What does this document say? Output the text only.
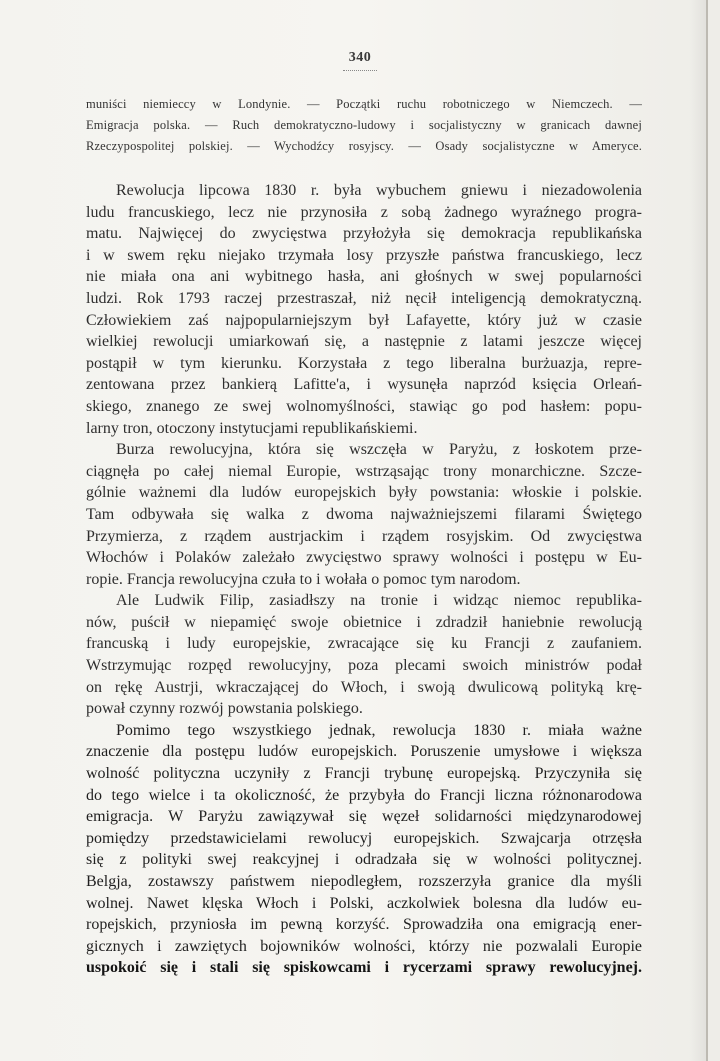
340
muniści niemieccy w Londynie. — Początki ruchu robotniczego w Niemczech. —
Emigracja polska. — Ruch demokratyczno-ludowy i socjalistyczny w granicach dawnej
Rzeczypospolitej polskiej. — Wychodźcy rosyjscy. — Osady socjalistyczne w Ameryce.
Rewolucja lipcowa 1830 r. była wybuchem gniewu i niezadowolenia
ludu francuskiego, lecz nie przynosiła z sobą żadnego wyraźnego progra-
matu. Najwięcej do zwycięstwa przyłożyła się demokracja republikańska
i w swem ręku niejako trzymała losy przyszłe państwa francuskiego, lecz
nie miała ona ani wybitnego hasła, ani głośnych w swej popularności
ludzi. Rok 1793 raczej przestraszał, niż nęcił inteligencją demokratyczną.
Człowiekiem zaś najpopularniejszym był Lafayette, który już w czasie
wielkiej rewolucji umiarkowań się, a następnie z latami jeszcze więcej
postąpił w tym kierunku. Korzystała z tego liberalna burżuazja, repre-
zentowana przez bankierą Lafitte'a, i wysunęła naprzód księcia Orleań-
skiego, znanego ze swej wolnomyślności, stawiąc go pod hasłem: popu-
larny tron, otoczony instytucjami republikańskiemi.
Burza rewolucyjna, która się wszczęła w Paryżu, z łoskotem prze-
ciągnęła po całej niemal Europie, wstrząsając trony monarchiczne. Szcze-
gólnie ważnemi dla ludów europejskich były powstania: włoskie i polskie.
Tam odbywała się walka z dwoma najważniejszemi filarami Świętego
Przymierza, z rządem austrjackim i rządem rosyjskim. Od zwycięstwa
Włochów i Polaków zależało zwycięstwo sprawy wolności i postępu w Eu-
ropie. Francja rewolucyjna czuła to i wołała o pomoc tym narodom.
Ale Ludwik Filip, zasiadłszy na tronie i widząc niemoc republika-
nów, puścił w niepamięć swoje obietnice i zdradził haniebnie rewolucją
francuską i ludy europejskie, zwracające się ku Francji z zaufaniem.
Wstrzymując rozpęd rewolucyjny, poza plecami swoich ministrów podał
on rękę Austrji, wkraczającej do Włoch, i swoją dwulicową polityką krę-
pował czynny rozwój powstania polskiego.
Pomimo tego wszystkiego jednak, rewolucja 1830 r. miała ważne
znaczenie dla postępu ludów europejskich. Poruszenie umysłowe i większa
wolność polityczna uczyniły z Francji trybunę europejską. Przyczyniła się
do tego wielce i ta okoliczność, że przybyła do Francji liczna różnonarodowa
emigracja. W Paryżu zawiązywał się węzeł solidarności międzynarodowej
pomiędzy przedstawicielami rewolucyj europejskich. Szwajcarja otrzęsła
się z polityki swej reakcyjnej i odradzała się w wolności politycznej.
Belgja, zostawszy państwem niepodległem, rozszerzyła granice dla myśli
wolnej. Nawet klęska Włoch i Polski, aczkolwiek bolesna dla ludów eu-
ropejskich, przyniosła im pewną korzyść. Sprowadziła ona emigracją ener-
gicznych i zawziętych bojowników wolności, którzy nie pozwalali Europie
uspokoić się i stali się spiskowcami i rycerzami sprawy rewolucyjnej.
